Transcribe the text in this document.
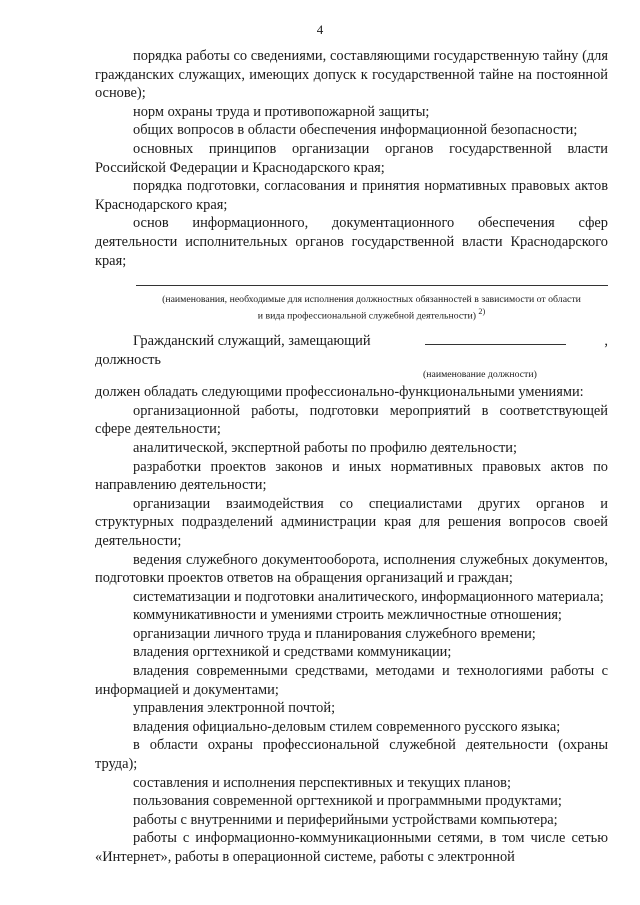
4

порядка работы со сведениями, составляющими государственную тайну (для гражданских служащих, имеющих допуск к государственной тайне на постоянной основе);

норм охраны труда и противопожарной защиты;

общих вопросов в области обеспечения информационной безопасности;

основных принципов организации органов государственной власти Российской Федерации и Краснодарского края;

порядка подготовки, согласования и принятия нормативных правовых актов Краснодарского края;

основ информационного, документационного обеспечения сфер деятельности исполнительных органов государственной власти Краснодарского края;

(наименования, необходимые для исполнения должностных обязанностей в зависимости от области
и вида профессиональной служебной деятельности) $^{2)}$

Гражданский служащий, замещающий должность
,

(наименование должности)

должен обладать следующими профессионально-функциональными умениями:

организационной работы, подготовки мероприятий в соответствующей сфере деятельности;

аналитической, экспертной работы по профилю деятельности;

разработки проектов законов и иных нормативных правовых актов по направлению деятельности;

организации взаимодействия со специалистами других органов и структурных подразделений администрации края для решения вопросов своей деятельности;

ведения служебного документооборота, исполнения служебных документов, подготовки проектов ответов на обращения организаций и граждан;

систематизации и подготовки аналитического, информационного материала;

коммуникативности и умениями строить межличностные отношения;

организации личного труда и планирования служебного времени;

владения оргтехникой и средствами коммуникации;

владения современными средствами, методами и технологиями работы с информацией и документами;

управления электронной почтой;

владения официально-деловым стилем современного русского языка;

в области охраны профессиональной служебной деятельности (охраны труда);

составления и исполнения перспективных и текущих планов;

пользования современной оргтехникой и программными продуктами;

работы с внутренними и периферийными устройствами компьютера;

работы с информационно-коммуникационными сетями, в том числе сетью «Интернет», работы в операционной системе, работы с электронной
